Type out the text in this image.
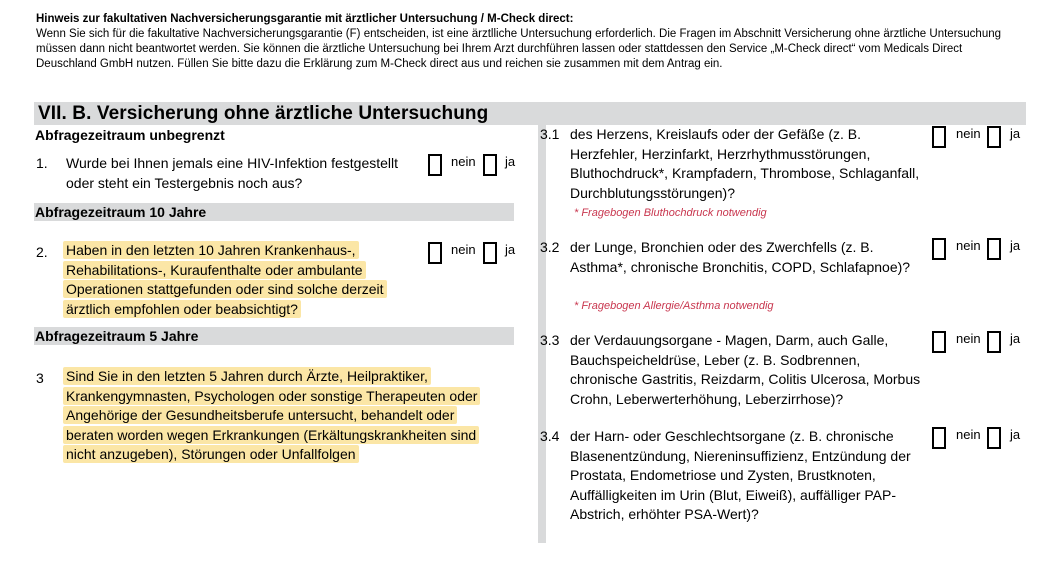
Hinweis zur fakultativen Nachversicherungsgarantie mit ärztlicher Untersuchung / M-Check direct:
Wenn Sie sich für die fakultative Nachversicherungsgarantie (F) entscheiden, ist eine ärztlliche Untersuchung erforderlich. Die Fragen im Abschnitt Versicherung ohne ärztliche Untersuchung müssen dann nicht beantwortet werden. Sie können die ärztliche Untersuchung bei Ihrem Arzt durchführen lassen oder stattdessen den Service „M-Check direct“ vom Medicals Direct Deuschland GmbH nutzen. Füllen Sie bitte dazu die Erklärung zum M-Check direct aus und reichen sie zusammen mit dem Antrag ein.
VII. B. Versicherung ohne ärztliche Untersuchung
Abfragezeitraum unbegrenzt
1. Wurde bei Ihnen jemals eine HIV-Infektion festgestellt oder steht ein Testergebnis noch aus?
nein ja
Abfragezeitraum 10 Jahre
2. Haben in den letzten 10 Jahren Krankenhaus-, Rehabilitations-, Kuraufenthalte oder ambulante Operationen stattgefunden oder sind solche derzeit ärztlich empfohlen oder beabsichtigt?
nein ja
Abfragezeitraum 5 Jahre
3 Sind Sie in den letzten 5 Jahren durch Ärzte, Heilpraktiker, Krankengymnasten, Psychologen oder sonstige Therapeuten oder Angehörige der Gesundheitsberufe untersucht, behandelt oder beraten worden wegen Erkrankungen (Erkältungskrankheiten sind nicht anzugeben), Störungen oder Unfallfolgen
3.1 des Herzens, Kreislaufs oder der Gefäße (z. B. Herzfehler, Herzinfarkt, Herzrhythmusstörungen, Bluthochdruck*, Krampfadern, Thrombose, Schlaganfall, Durchblutungsstörungen)?
* Fragebogen Bluthochdruck notwendig
nein ja
3.2 der Lunge, Bronchien oder des Zwerchfells (z. B. Asthma*, chronische Bronchitis, COPD, Schlafapnoe)?
* Fragebogen Allergie/Asthma notwendig
nein ja
3.3 der Verdauungsorgane - Magen, Darm, auch Galle, Bauchspeicheldrüse, Leber (z. B. Sodbrennen, chronische Gastritis, Reizdarm, Colitis Ulcerosa, Morbus Crohn, Leberwerterhöhung, Leberzirrhose)?
nein ja
3.4 der Harn- oder Geschlechtsorgane (z. B. chronische Blasenentzündung, Niereninsuffizienz, Entzündung der Prostata, Endometriose und Zysten, Brustknoten, Auffälligkeiten im Urin (Blut, Eiweiß), auffälliger PAP-Abstrich, erhöhter PSA-Wert)?
nein ja
